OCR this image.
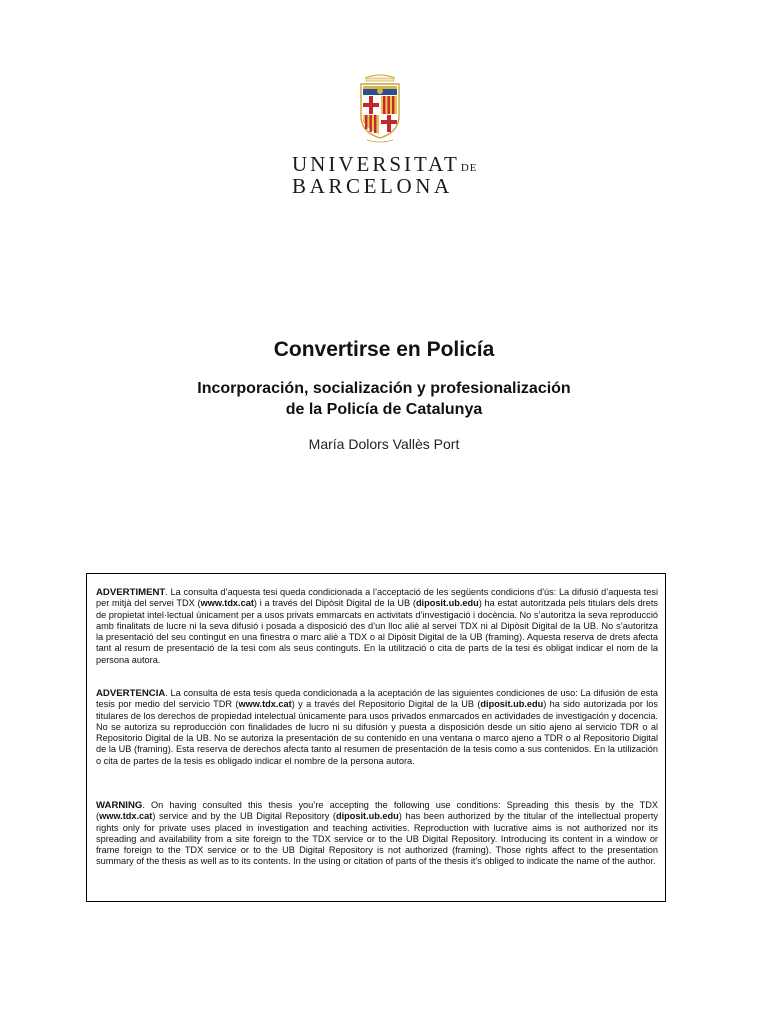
UNIVERSITATDE
BARCELONA
Convertirse en Policía
Incorporación, socialización y profesionalización
de la Policía de Catalunya
María Dolors Vallès Port
ADVERTIMENT. La consulta d’aquesta tesi queda condicionada a l’acceptació de les següents condicions d'ús: La difusió d’aquesta tesi per mitjà del servei TDX (www.tdx.cat) i a través del Dipòsit Digital de la UB (diposit.ub.edu) ha estat autoritzada pels titulars dels drets de propietat intel·lectual únicament per a usos privats emmarcats en activitats d’investigació i docència. No s’autoritza la seva reproducció amb finalitats de lucre ni la seva difusió i posada a disposició des d’un lloc aliè al servei TDX ni al Dipòsit Digital de la UB. No s’autoritza la presentació del seu contingut en una finestra o marc aliè a TDX o al Dipòsit Digital de la UB (framing). Aquesta reserva de drets afecta tant al resum de presentació de la tesi com als seus continguts. En la utilització o cita de parts de la tesi és obligat indicar el nom de la persona autora.
ADVERTENCIA. La consulta de esta tesis queda condicionada a la aceptación de las siguientes condiciones de uso: La difusión de esta tesis por medio del servicio TDR (www.tdx.cat) y a través del Repositorio Digital de la UB (diposit.ub.edu) ha sido autorizada por los titulares de los derechos de propiedad intelectual únicamente para usos privados enmarcados en actividades de investigación y docencia. No se autoriza su reproducción con finalidades de lucro ni su difusión y puesta a disposición desde un sitio ajeno al servicio TDR o al Repositorio Digital de la UB. No se autoriza la presentación de su contenido en una ventana o marco ajeno a TDR o al Repositorio Digital de la UB (framing). Esta reserva de derechos afecta tanto al resumen de presentación de la tesis como a sus contenidos. En la utilización o cita de partes de la tesis es obligado indicar el nombre de la persona autora.
WARNING. On having consulted this thesis you’re accepting the following use conditions: Spreading this thesis by the TDX (www.tdx.cat) service and by the UB Digital Repository (diposit.ub.edu) has been authorized by the titular of the intellectual property rights only for private uses placed in investigation and teaching activities. Reproduction with lucrative aims is not authorized nor its spreading and availability from a site foreign to the TDX service or to the UB Digital Repository. Introducing its content in a window or frame foreign to the TDX service or to the UB Digital Repository is not authorized (framing). Those rights affect to the presentation summary of the thesis as well as to its contents. In the using or citation of parts of the thesis it’s obliged to indicate the name of the author.
